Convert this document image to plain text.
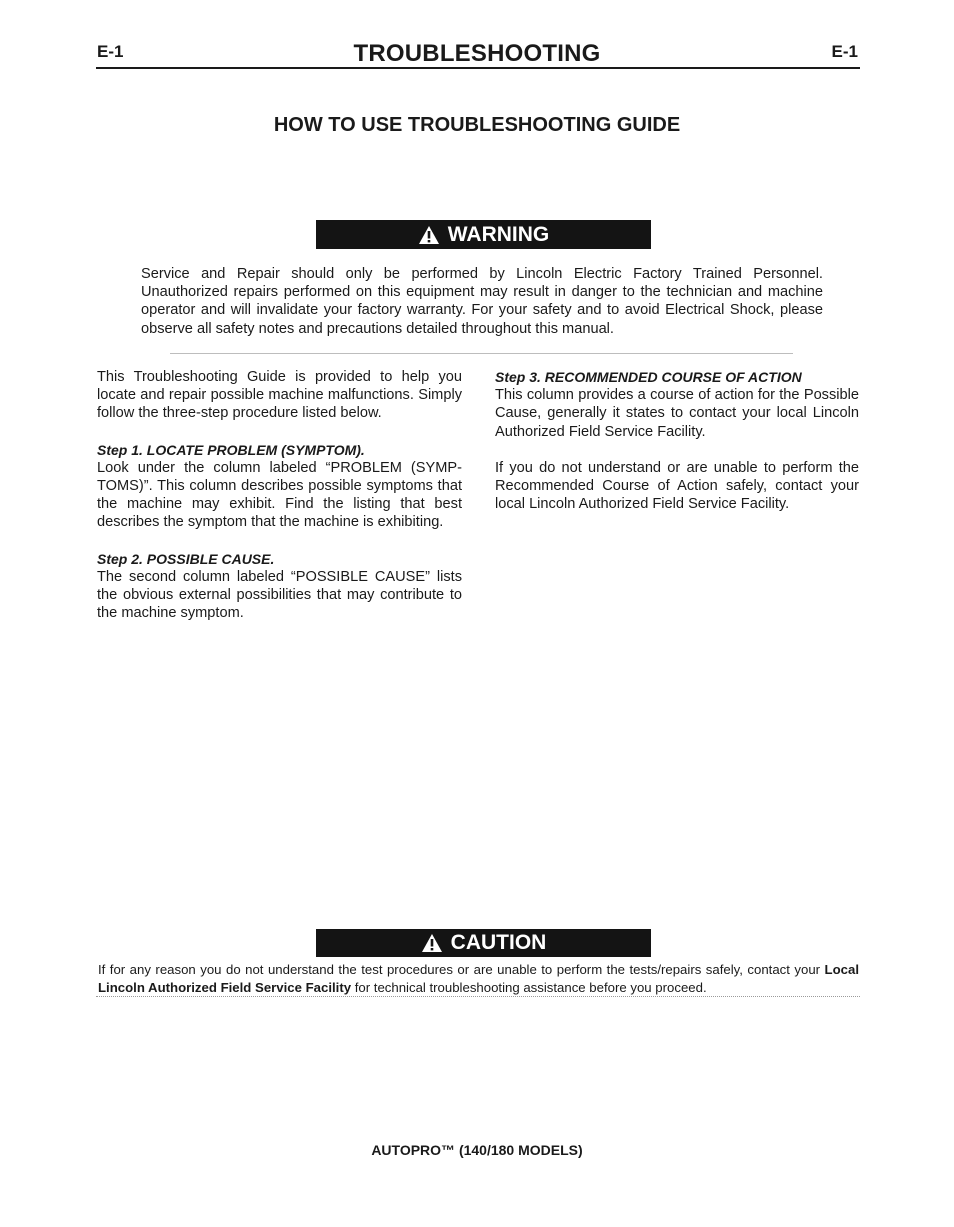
E-1	TROUBLESHOOTING	E-1
HOW TO USE TROUBLESHOOTING GUIDE
WARNING
Service and Repair should only be performed by Lincoln Electric Factory Trained Personnel. Unauthorized repairs performed on this equipment may result in danger to the technician and machine operator and will invalidate your factory warranty. For your safety and to avoid Electrical Shock, please observe all safety notes and precautions detailed throughout this manual.

This Troubleshooting Guide is provided to help you locate and repair possible machine malfunctions. Simply follow the three-step procedure listed below.

Step 1. LOCATE PROBLEM (SYMPTOM).
Look under the column labeled “PROBLEM (SYMP-TOMS)”. This column describes possible symptoms that the machine may exhibit. Find the listing that best describes the symptom that the machine is exhibiting.

Step 2. POSSIBLE CAUSE.
The second column labeled “POSSIBLE CAUSE” lists the obvious external possibilities that may contribute to the machine symptom.

Step 3. RECOMMENDED COURSE OF ACTION
This column provides a course of action for the Possible Cause, generally it states to contact your local Lincoln Authorized Field Service Facility.

If you do not understand or are unable to perform the Recommended Course of Action safely, contact your local Lincoln Authorized Field Service Facility.

CAUTION
If for any reason you do not understand the test procedures or are unable to perform the tests/repairs safely, contact your Local Lincoln Authorized Field Service Facility for technical troubleshooting assistance before you proceed.
AUTOPRO™ (140/180 MODELS)
